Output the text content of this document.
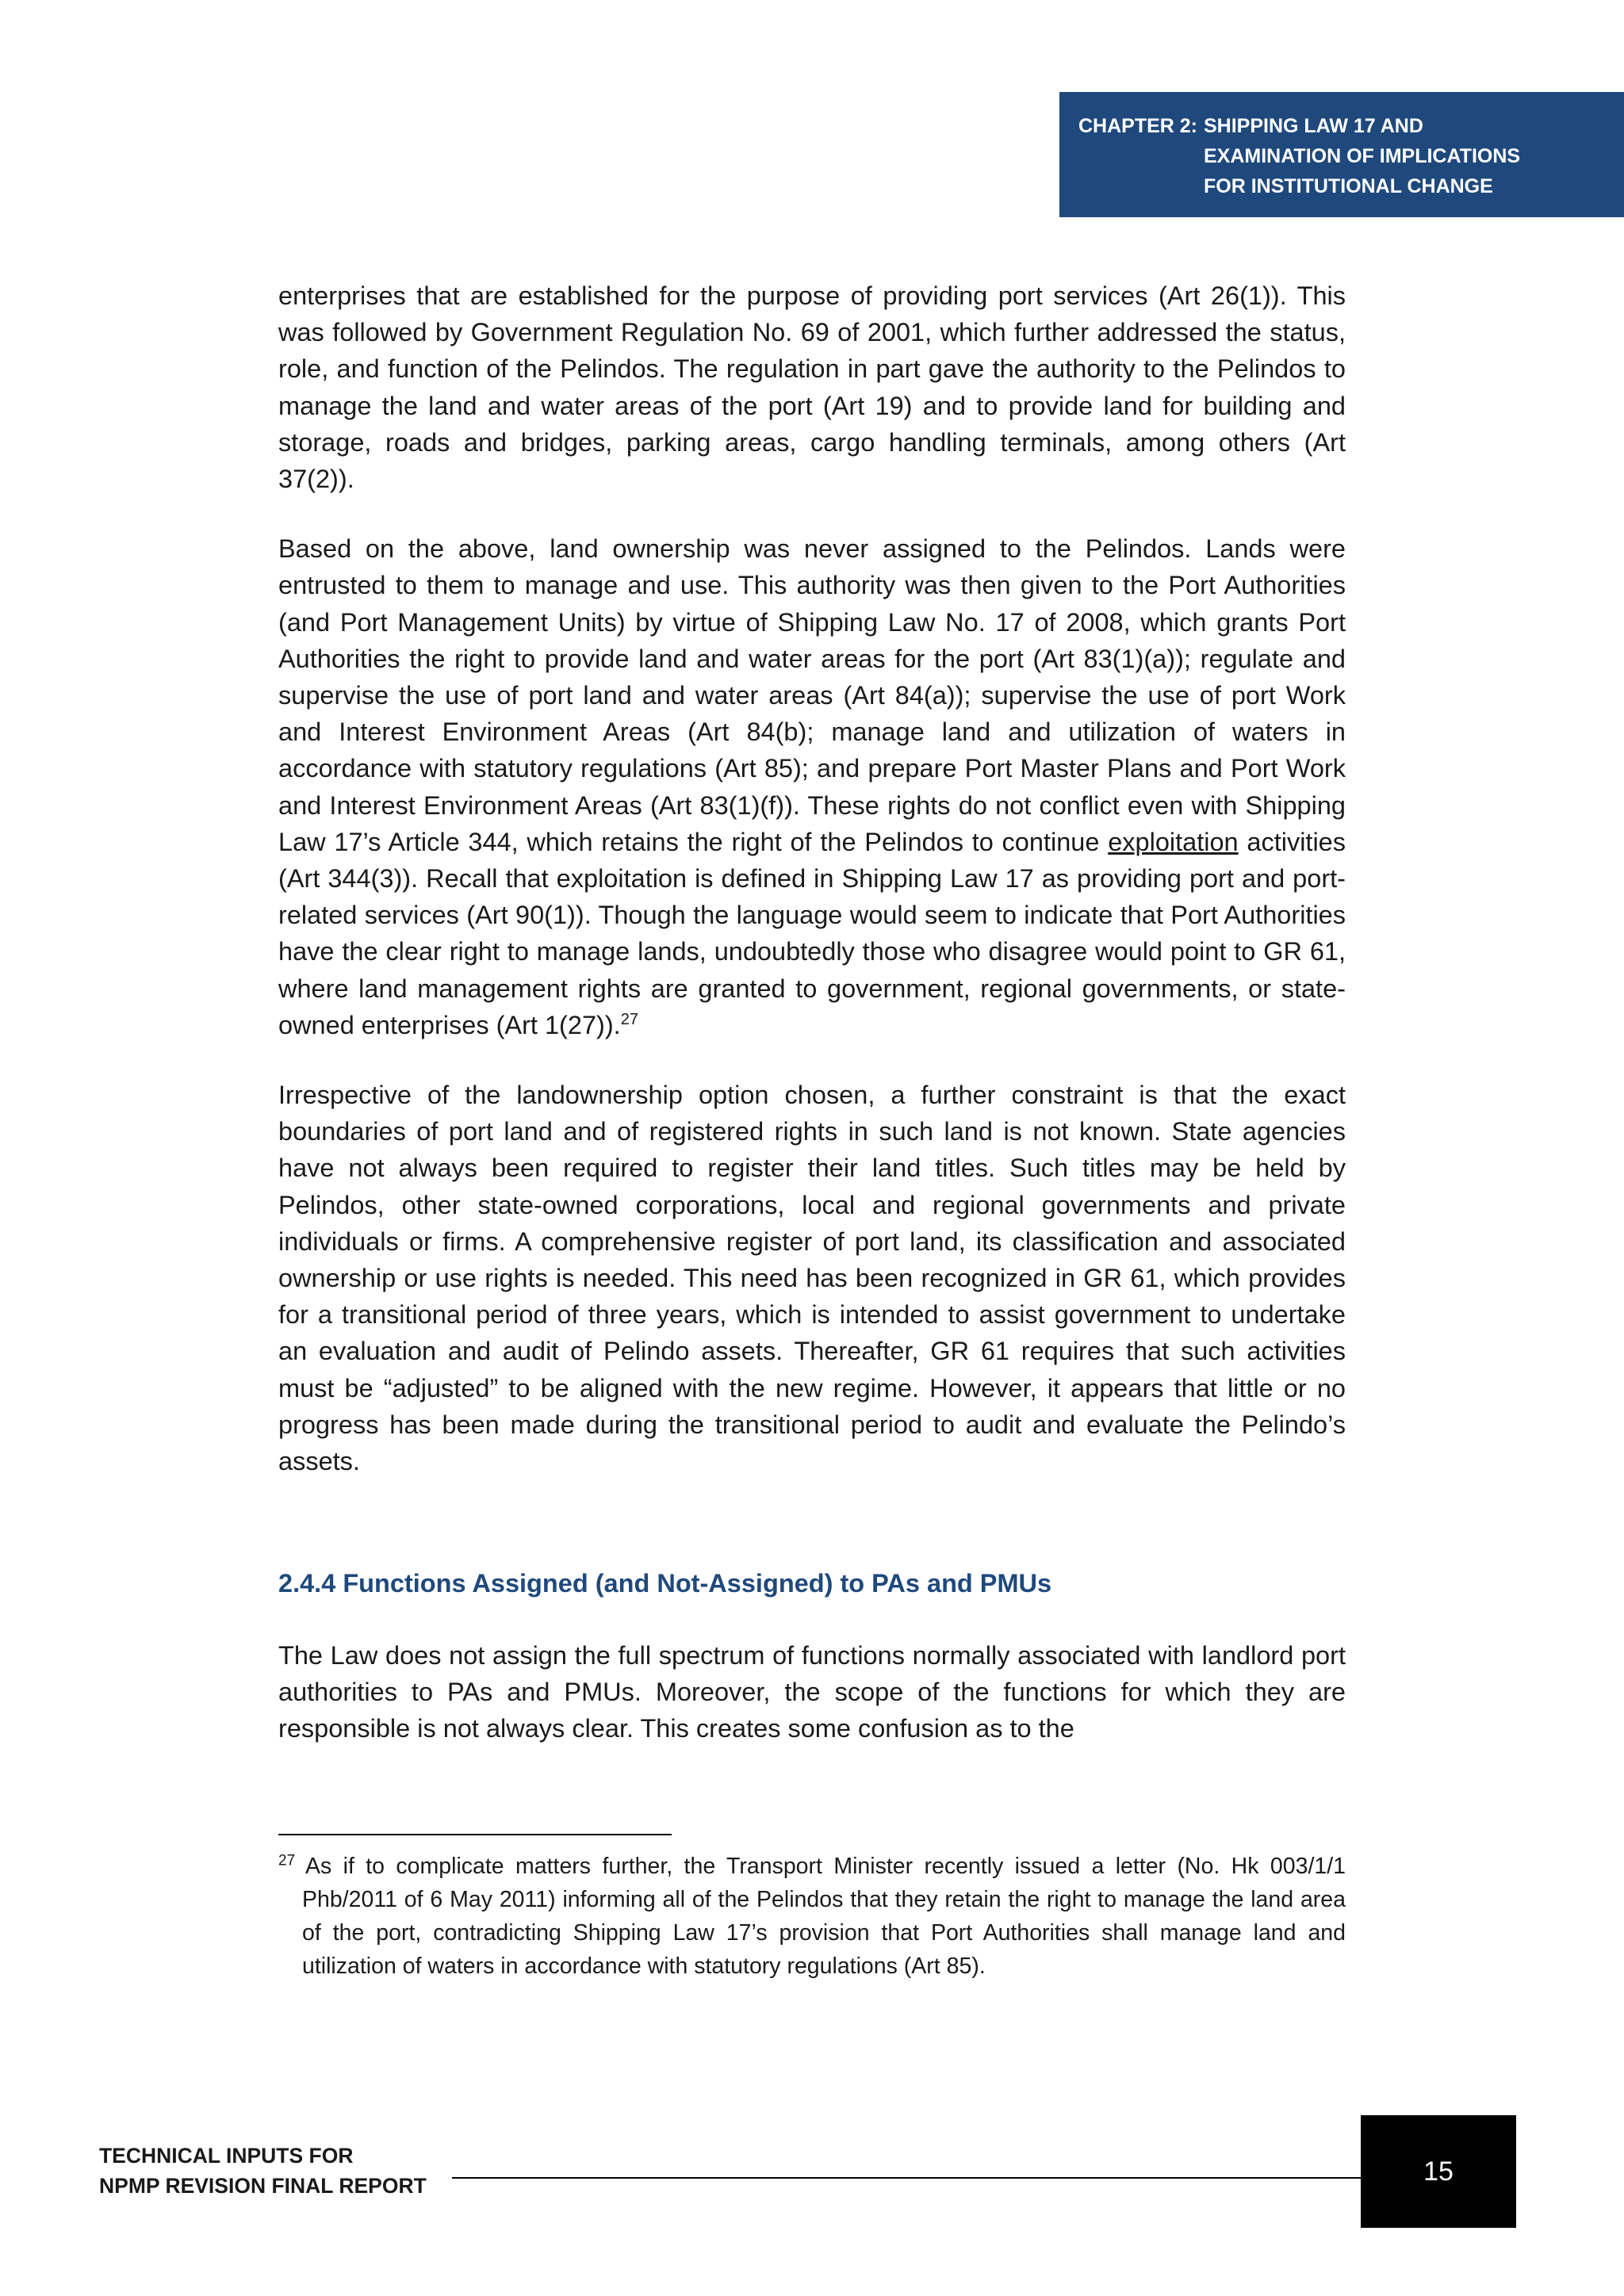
CHAPTER 2: SHIPPING LAW 17 AND
EXAMINATION OF IMPLICATIONS
FOR INSTITUTIONAL CHANGE

enterprises that are established for the purpose of providing port services (Art 26(1)). This was followed by Government Regulation No. 69 of 2001, which further addressed the status, role, and function of the Pelindos. The regulation in part gave the authority to the Pelindos to manage the land and water areas of the port (Art 19) and to provide land for building and storage, roads and bridges, parking areas, cargo handling terminals, among others (Art 37(2)).

Based on the above, land ownership was never assigned to the Pelindos. Lands were entrusted to them to manage and use. This authority was then given to the Port Authorities (and Port Management Units) by virtue of Shipping Law No. 17 of 2008, which grants Port Authorities the right to provide land and water areas for the port (Art 83(1)(a)); regulate and supervise the use of port land and water areas (Art 84(a)); supervise the use of port Work and Interest Environment Areas (Art 84(b); manage land and utilization of waters in accordance with statutory regulations (Art 85); and prepare Port Master Plans and Port Work and Interest Environment Areas (Art 83(1)(f)). These rights do not conflict even with Shipping Law 17’s Article 344, which retains the right of the Pelindos to continue exploitation activities (Art 344(3)). Recall that exploitation is defined in Shipping Law 17 as providing port and port-related services (Art 90(1)). Though the language would seem to indicate that Port Authorities have the clear right to manage lands, undoubtedly those who disagree would point to GR 61, where land management rights are granted to government, regional governments, or state-owned enterprises (Art 1(27)).$^{27}$

Irrespective of the landownership option chosen, a further constraint is that the exact boundaries of port land and of registered rights in such land is not known. State agencies have not always been required to register their land titles. Such titles may be held by Pelindos, other state-owned corporations, local and regional governments and private individuals or firms. A comprehensive register of port land, its classification and associated ownership or use rights is needed. This need has been recognized in GR 61, which provides for a transitional period of three years, which is intended to assist government to undertake an evaluation and audit of Pelindo assets. Thereafter, GR 61 requires that such activities must be “adjusted” to be aligned with the new regime. However, it appears that little or no progress has been made during the transitional period to audit and evaluate the Pelindo’s assets.

2.4.4 Functions Assigned (and Not-Assigned) to PAs and PMUs

The Law does not assign the full spectrum of functions normally associated with landlord port authorities to PAs and PMUs. Moreover, the scope of the functions for which they are responsible is not always clear. This creates some confusion as to the

$^{27}$ As if to complicate matters further, the Transport Minister recently issued a letter (No. Hk 003/1/1 Phb/2011 of 6 May 2011) informing all of the Pelindos that they retain the right to manage the land area of the port, contradicting Shipping Law 17’s provision that Port Authorities shall manage land and utilization of waters in accordance with statutory regulations (Art 85).
TECHNICAL INPUTS FOR
NPMP REVISION FINAL REPORT	15
